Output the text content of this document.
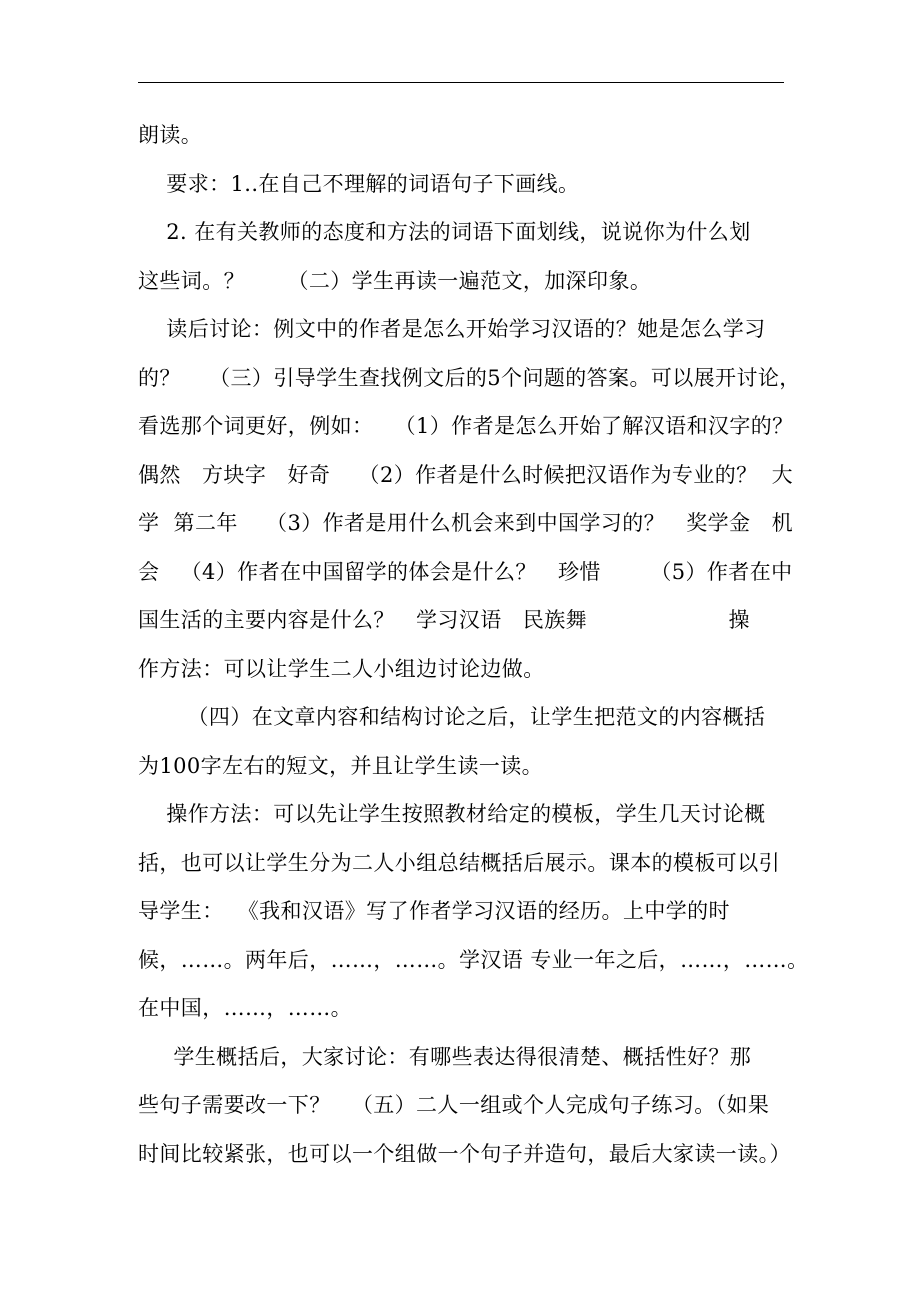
朗读。
要求：1..在自己不理解的词语句子下画线。
2. 在有关教师的态度和方法的词语下面划线，说说你为什么划
这些词。？      （二）学生再读一遍范文，加深印象。
读后讨论：例文中的作者是怎么开始学习汉语的？她是怎么学习
的？    （三）引导学生查找例文后的5个问题的答案。可以展开讨论，
看选那个词更好，例如：   （1）作者是怎么开始了解汉语和汉字的？
偶然   方块字   好奇    （2）作者是什么时候把汉语作为专业的？  大
学  第二年    （3）作者是用什么机会来到中国学习的？   奖学金   机
会   （4）作者在中国留学的体会是什么？   珍惜       （5）作者在中
国生活的主要内容是什么？   学习汉语   民族舞                    操
作方法：可以让学生二人小组边讨论边做。
（四）在文章内容和结构讨论之后，让学生把范文的内容概括
为100字左右的短文，并且让学生读一读。
操作方法：可以先让学生按照教材给定的模板，学生几天讨论概
括，也可以让学生分为二人小组总结概括后展示。课本的模板可以引
导学生：  《我和汉语》写了作者学习汉语的经历。上中学的时
候，……。两年后，……，……。学汉语 专业一年之后，……，……。
在中国，……，……。
学生概括后，大家讨论：有哪些表达得很清楚、概括性好？那
些句子需要改一下？   （五）二人一组或个人完成句子练习。（如果
时间比较紧张，也可以一个组做一个句子并造句，最后大家读一读。）
